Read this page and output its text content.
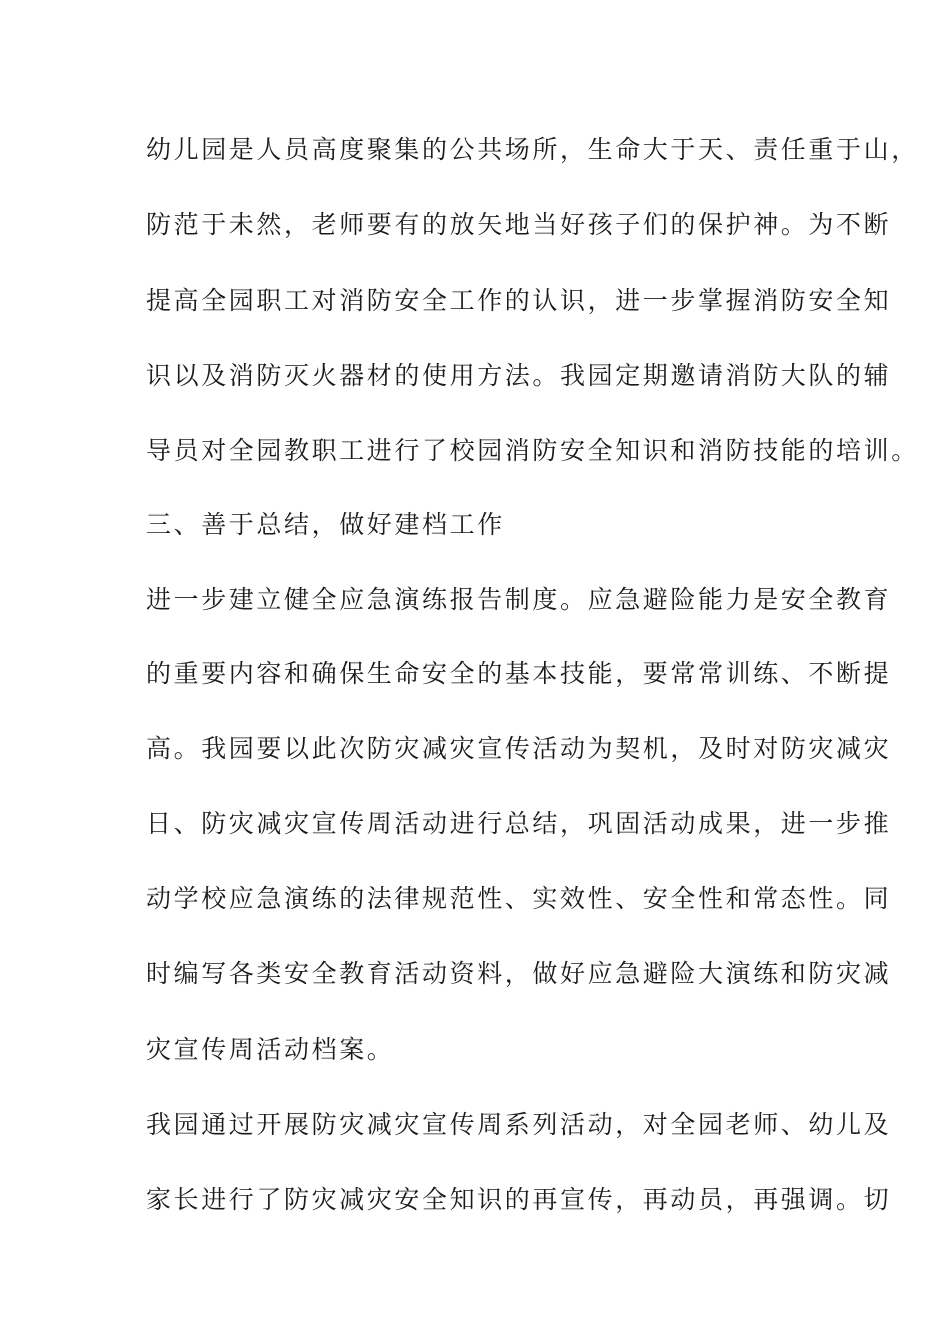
幼儿园是人员高度聚集的公共场所，生命大于天、责任重于山，
防范于未然，老师要有的放矢地当好孩子们的保护神。为不断
提高全园职工对消防安全工作的认识，进一步掌握消防安全知
识以及消防灭火器材的使用方法。我园定期邀请消防大队的辅
导员对全园教职工进行了校园消防安全知识和消防技能的培训。
三、善于总结，做好建档工作
进一步建立健全应急演练报告制度。应急避险能力是安全教育
的重要内容和确保生命安全的基本技能，要常常训练、不断提
高。我园要以此次防灾减灾宣传活动为契机，及时对防灾减灾
日、防灾减灾宣传周活动进行总结，巩固活动成果，进一步推
动学校应急演练的法律规范性、实效性、安全性和常态性。同
时编写各类安全教育活动资料，做好应急避险大演练和防灾减
灾宣传周活动档案。
我园通过开展防灾减灾宣传周系列活动，对全园老师、幼儿及
家长进行了防灾减灾安全知识的再宣传，再动员，再强调。切
